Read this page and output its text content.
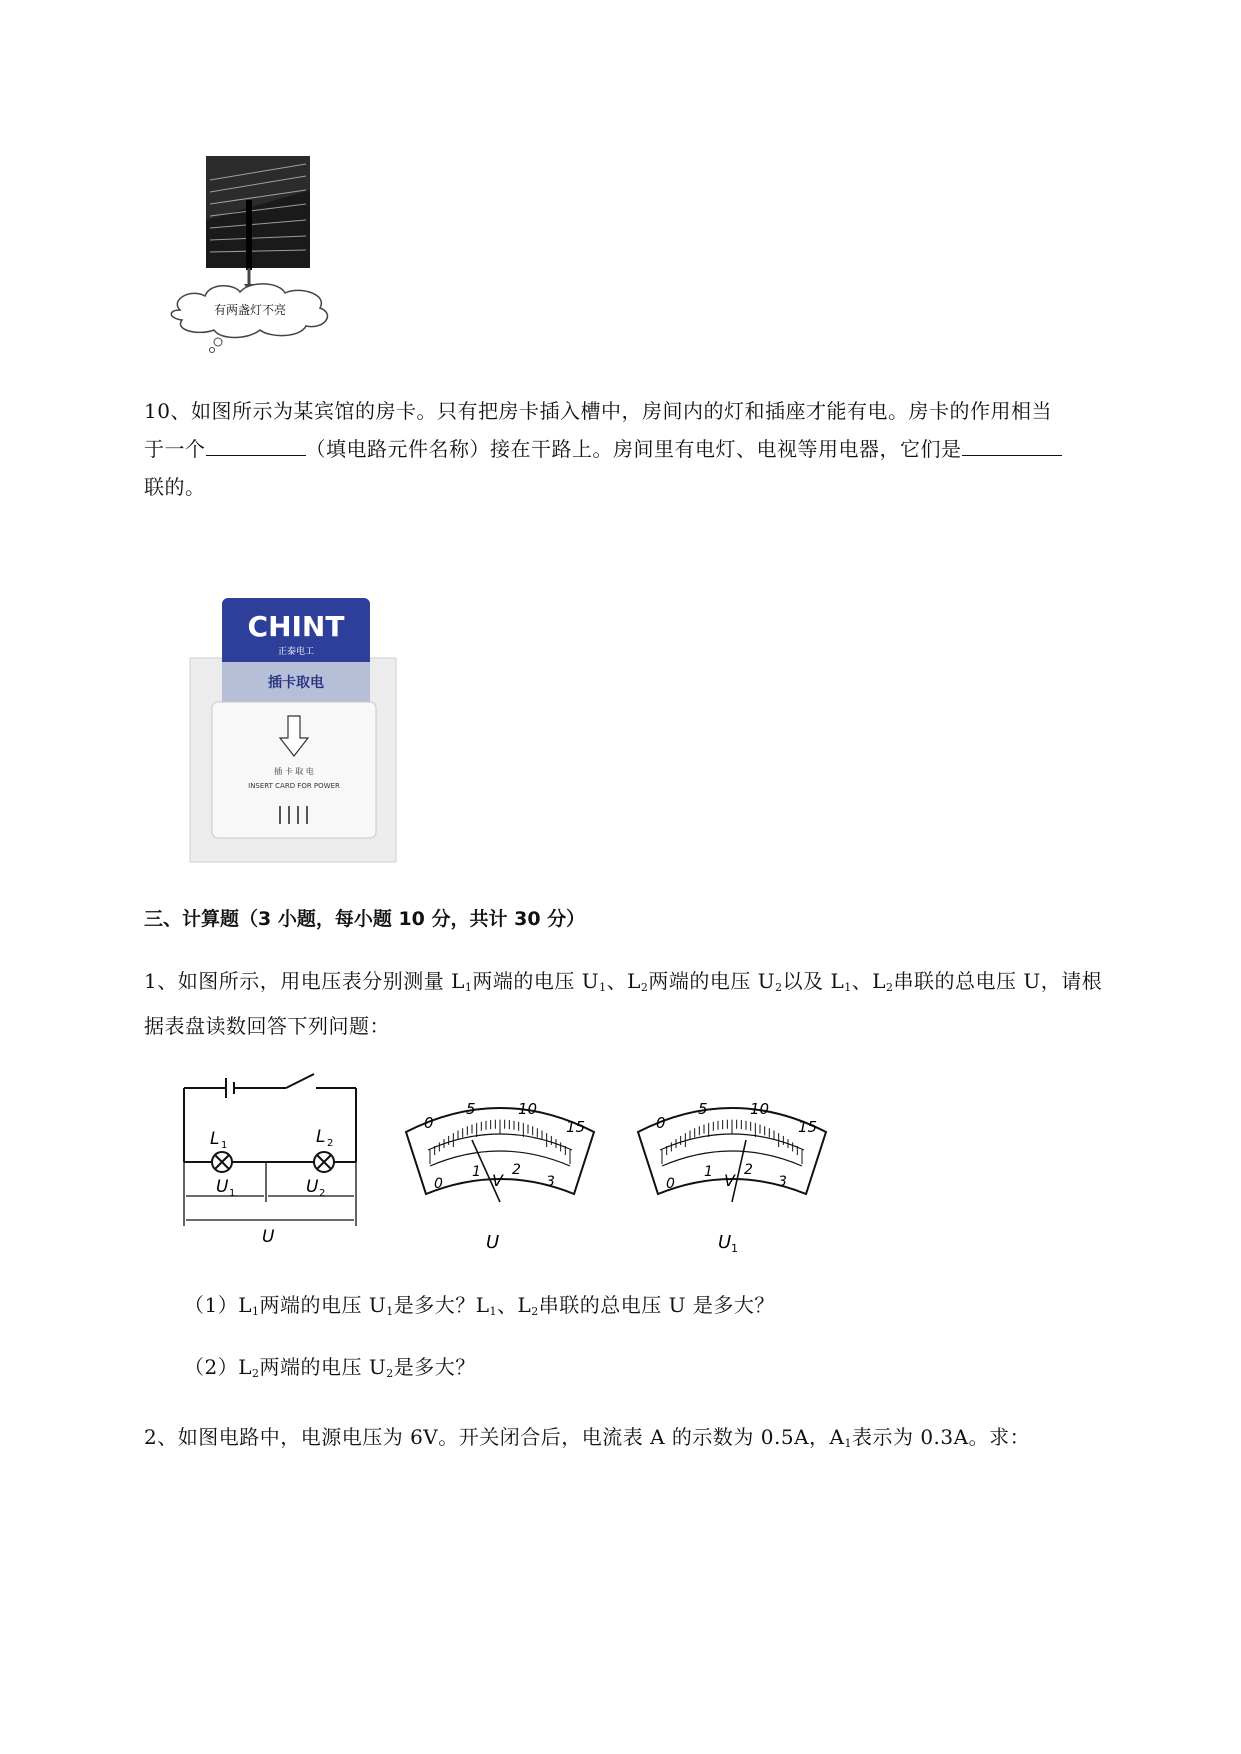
有两盏灯不亮
10、如图所示为某宾馆的房卡。只有把房卡插入槽中，房间内的灯和插座才能有电。房卡的作用相当
于一个	（填电路元件名称）接在干路上。房间里有电灯、电视等用电器，它们是
联的。
CHINT
正泰电工
插卡取电
插 卡 取 电
INSERT CARD FOR POWER
三、计算题（3 小题，每小题 10 分，共计 30 分）
1、如图所示，用电压表分别测量 $L_1$两端的电压 $U_1$、$L_2$两端的电压 $U_2$以及 $L_1$、$L_2$串联的总电压 U，请根
据表盘读数回答下列问题：
L 1	L 2
U 1	U 2
U
0
5	10
15
0
1 2
3
V
U
0
5	10
15
0
1 2
3
V
U 1
$(1)L_1$两端的电压 $U_1$是多大？$L_1$、$L_2$串联的总电压 U 是多大？
$(2)L_2$两端的电压 $U_2$是多大？
2、如图电路中，电源电压为 6V。开关闭合后，电流表 A 的示数为 0.5A，$A_1$表示为 0.3A。求：
